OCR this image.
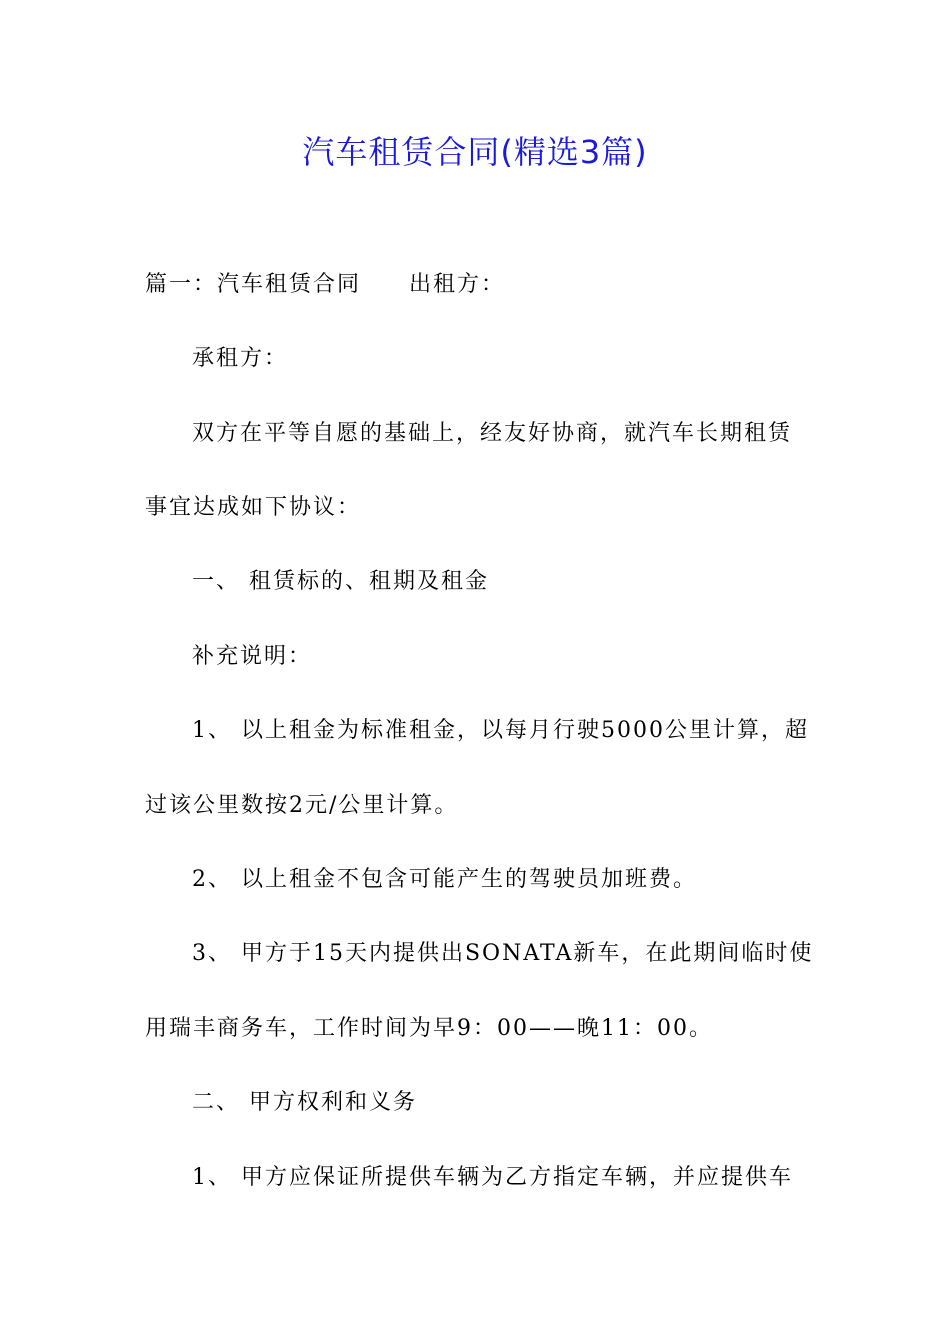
汽车租赁合同(精选3篇)
篇一：汽车租赁合同 出租方：
承租方：
双方在平等自愿的基础上，经友好协商，就汽车长期租赁
事宜达成如下协议：
一、 租赁标的、租期及租金
补充说明：
1、 以上租金为标准租金，以每月行驶5000公里计算，超
过该公里数按2元/公里计算。
2、 以上租金不包含可能产生的驾驶员加班费。
3、 甲方于15天内提供出SONATA新车，在此期间临时使
用瑞丰商务车，工作时间为早9：00——晚11：00。
二、 甲方权利和义务
1、 甲方应保证所提供车辆为乙方指定车辆，并应提供车
